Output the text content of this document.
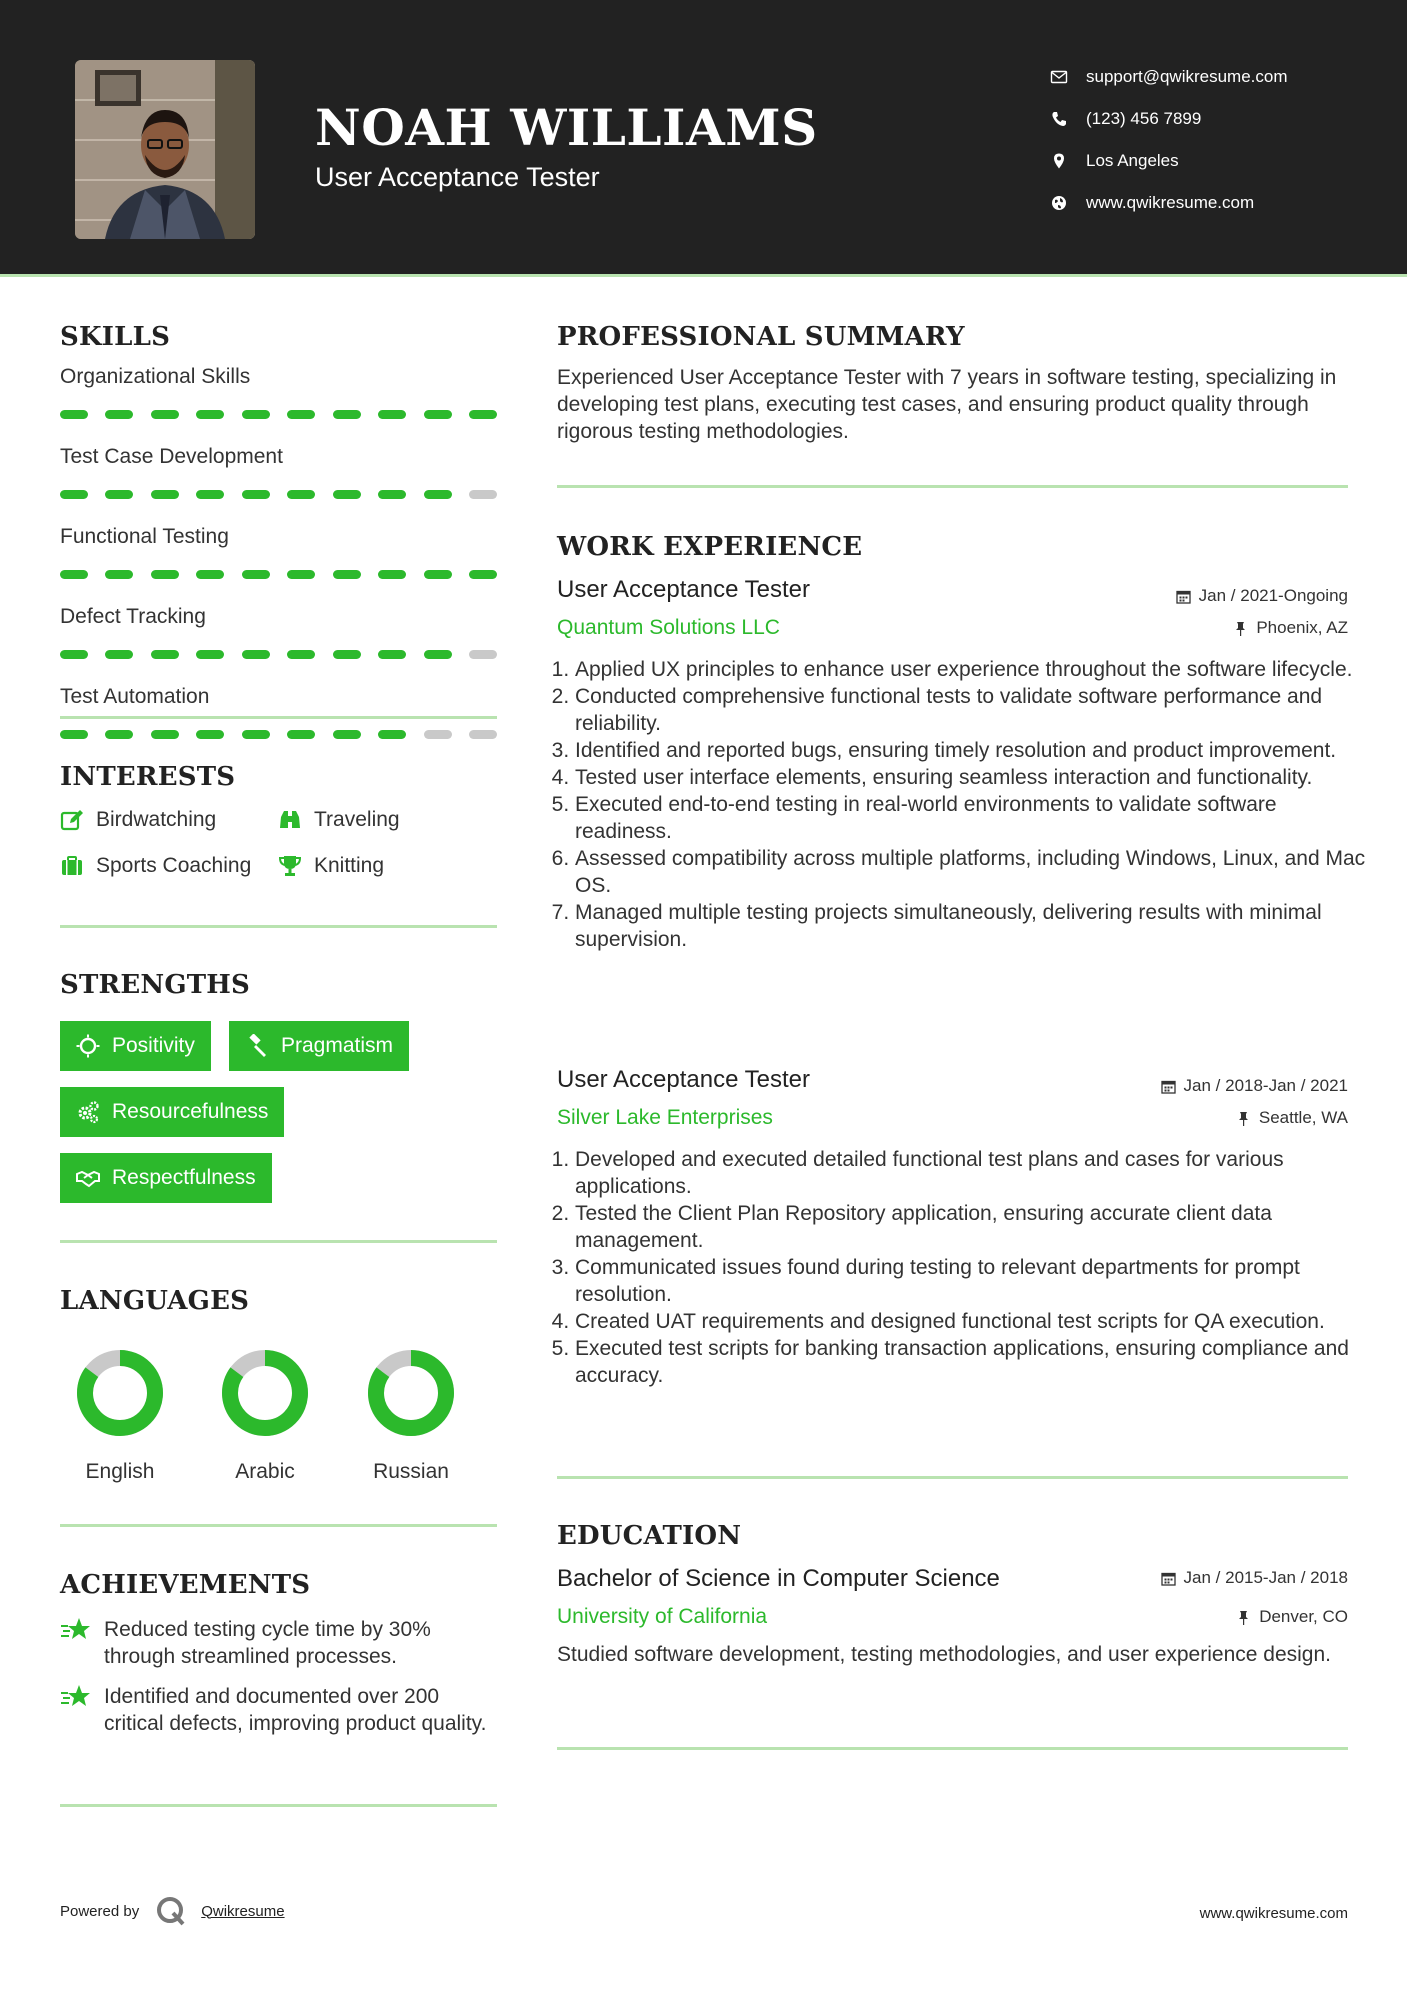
NOAH WILLIAMS
User Acceptance Tester
support@qwikresume.com
(123) 456 7899
Los Angeles
www.qwikresume.com
SKILLS
Organizational Skills
Test Case Development
Functional Testing
Defect Tracking
Test Automation
INTERESTS
Birdwatching	Traveling
Sports Coaching	Knitting
STRENGTHS
Positivity	Pragmatism
Resourcefulness
Respectfulness
LANGUAGES
English	Arabic	Russian
ACHIEVEMENTS
Reduced testing cycle time by 30% through streamlined processes.
Identified and documented over 200 critical defects, improving product quality.
PROFESSIONAL SUMMARY
Experienced User Acceptance Tester with 7 years in software testing, specializing in developing test plans, executing test cases, and ensuring product quality through rigorous testing methodologies.
WORK EXPERIENCE
User Acceptance Tester	Jan / 2021-Ongoing
Quantum Solutions LLC	Phoenix, AZ
1. Applied UX principles to enhance user experience throughout the software lifecycle.
2. Conducted comprehensive functional tests to validate software performance and reliability.
3. Identified and reported bugs, ensuring timely resolution and product improvement.
4. Tested user interface elements, ensuring seamless interaction and functionality.
5. Executed end-to-end testing in real-world environments to validate software readiness.
6. Assessed compatibility across multiple platforms, including Windows, Linux, and Mac OS.
7. Managed multiple testing projects simultaneously, delivering results with minimal supervision.
User Acceptance Tester	Jan / 2018-Jan / 2021
Silver Lake Enterprises	Seattle, WA
1. Developed and executed detailed functional test plans and cases for various applications.
2. Tested the Client Plan Repository application, ensuring accurate client data management.
3. Communicated issues found during testing to relevant departments for prompt resolution.
4. Created UAT requirements and designed functional test scripts for QA execution.
5. Executed test scripts for banking transaction applications, ensuring compliance and accuracy.
EDUCATION
Bachelor of Science in Computer Science	Jan / 2015-Jan / 2018
University of California	Denver, CO
Studied software development, testing methodologies, and user experience design.
Powered by	Qwikresume	www.qwikresume.com
